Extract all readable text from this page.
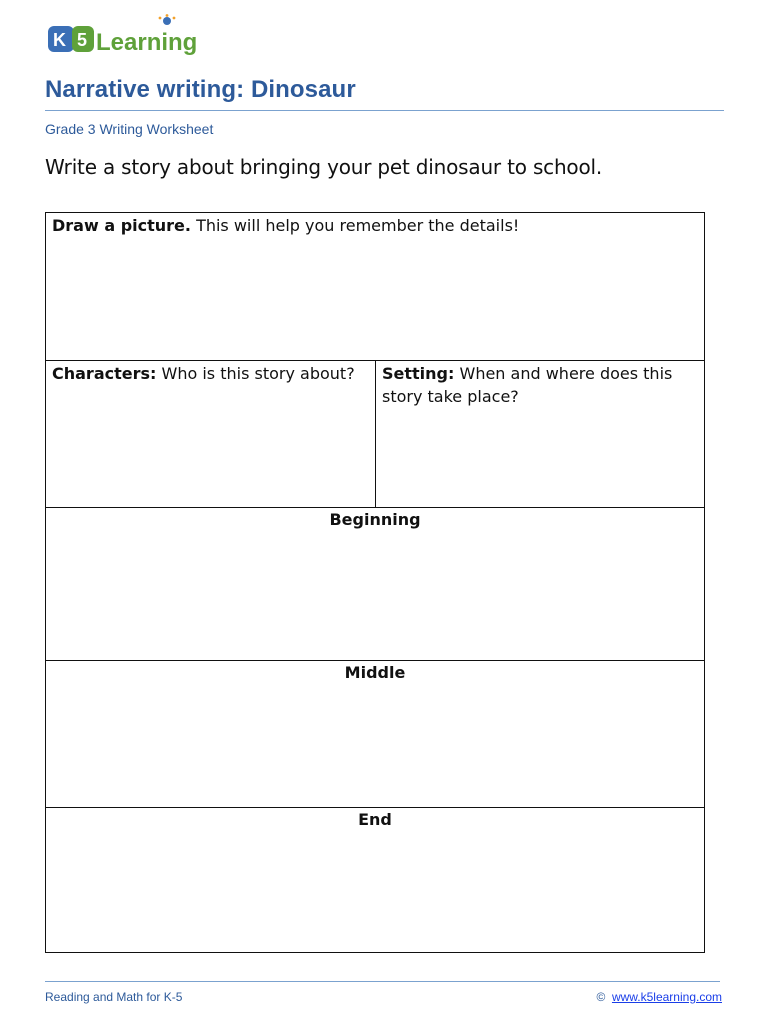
K 5 Learning
Narrative writing: Dinosaur
Grade 3 Writing Worksheet
Write a story about bringing your pet dinosaur to school.
Draw a picture. This will help you remember the details!
Characters: Who is this story about?	Setting: When and where does this story take place?
Beginning
Middle
End
Reading and Math for K-5	© www.k5learning.com
